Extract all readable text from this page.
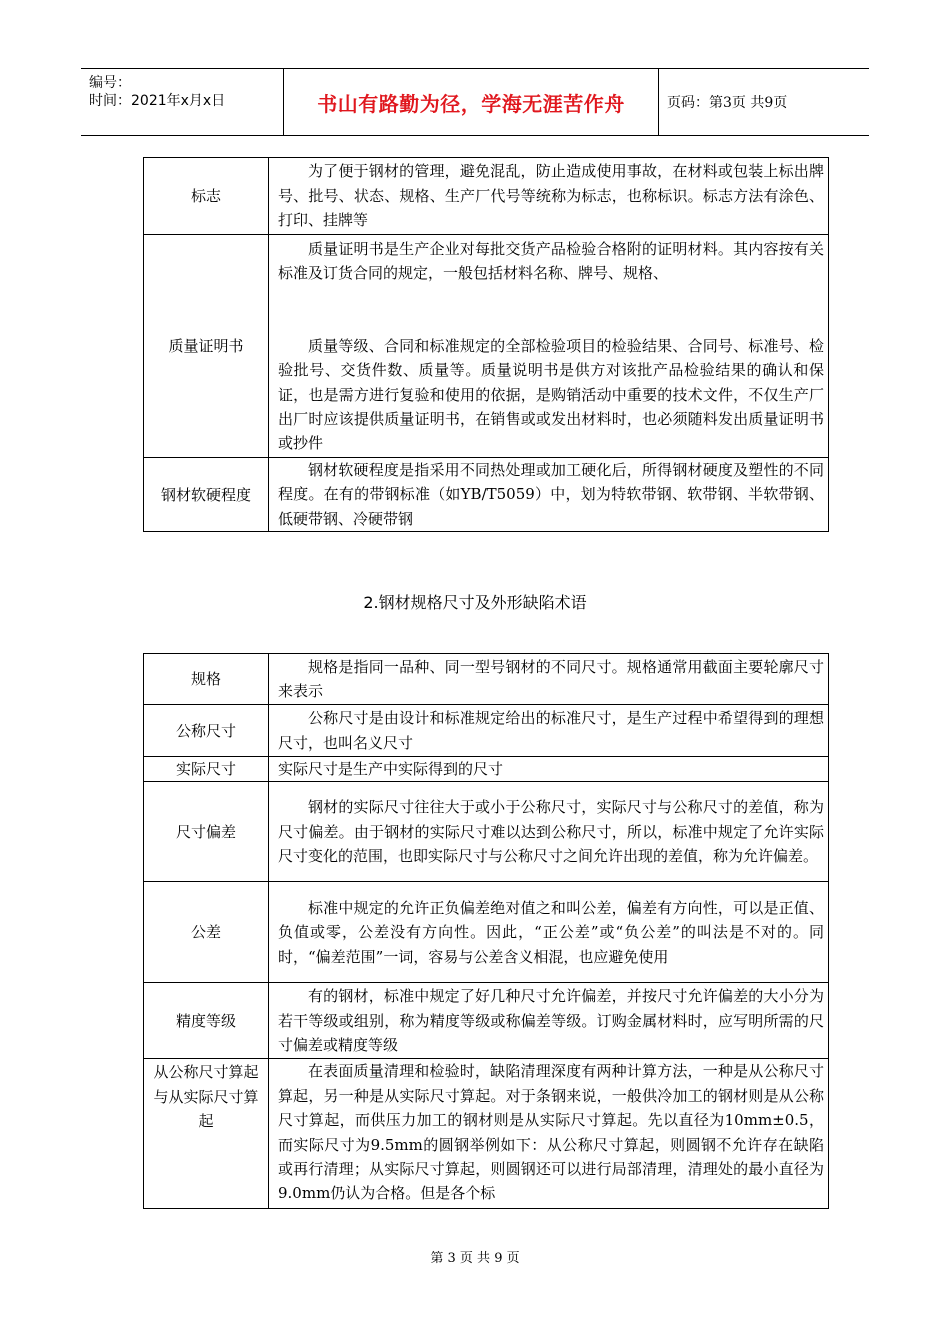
编号：
时间：2021年x月x日	书山有路勤为径，学海无涯苦作舟	页码：第3页 共9页
标志	为了便于钢材的管理，避免混乱，防止造成使用事故，在材料或包装上标出牌号、批号、状态、规格、生产厂代号等统称为标志，也称标识。标志方法有涂色、打印、挂牌等

质量证明书	质量证明书是生产企业对每批交货产品检验合格附的证明材料。其内容按有关标准及订货合同的规定，一般包括材料名称、牌号、规格、

质量等级、合同和标准规定的全部检验项目的检验结果、合同号、标准号、检验批号、交货件数、质量等。质量说明书是供方对该批产品检验结果的确认和保证，也是需方进行复验和使用的依据，是购销活动中重要的技术文件，不仅生产厂出厂时应该提供质量证明书，在销售或或发出材料时，也必须随料发出质量证明书或抄件

钢材软硬程度	钢材软硬程度是指采用不同热处理或加工硬化后，所得钢材硬度及塑性的不同程度。在有的带钢标准（如YB/T5059）中，划为特软带钢、软带钢、半软带钢、低硬带钢、冷硬带钢

2.钢材规格尺寸及外形缺陷术语
规格	规格是指同一品种、同一型号钢材的不同尺寸。规格通常用截面主要轮廓尺寸来表示

公称尺寸	公称尺寸是由设计和标准规定给出的标准尺寸，是生产过程中希望得到的理想尺寸，也叫名义尺寸

实际尺寸	实际尺寸是生产中实际得到的尺寸

尺寸偏差	钢材的实际尺寸往往大于或小于公称尺寸，实际尺寸与公称尺寸的差值，称为尺寸偏差。由于钢材的实际尺寸难以达到公称尺寸，所以，标准中规定了允许实际尺寸变化的范围，也即实际尺寸与公称尺寸之间允许出现的差值，称为允许偏差。

公差	标准中规定的允许正负偏差绝对值之和叫公差，偏差有方向性，可以是正值、负值或零，公差没有方向性。因此，“正公差”或“负公差”的叫法是不对的。同时，“偏差范围”一词，容易与公差含义相混，也应避免使用

精度等级	有的钢材，标准中规定了好几种尺寸允许偏差，并按尺寸允许偏差的大小分为若干等级或组别，称为精度等级或称偏差等级。订购金属材料时，应写明所需的尺寸偏差或精度等级

从公称尺寸算起与从实际尺寸算起	在表面质量清理和检验时，缺陷清理深度有两种计算方法，一种是从公称尺寸算起，另一种是从实际尺寸算起。对于条钢来说，一般供冷加工的钢材则是从公称尺寸算起，而供压力加工的钢材则是从实际尺寸算起。先以直径为10mm±0.5，而实际尺寸为9.5mm的圆钢举例如下：从公称尺寸算起，则圆钢不允许存在缺陷或再行清理；从实际尺寸算起，则圆钢还可以进行局部清理，清理处的最小直径为9.0mm仍认为合格。但是各个标

第 3 页 共 9 页
